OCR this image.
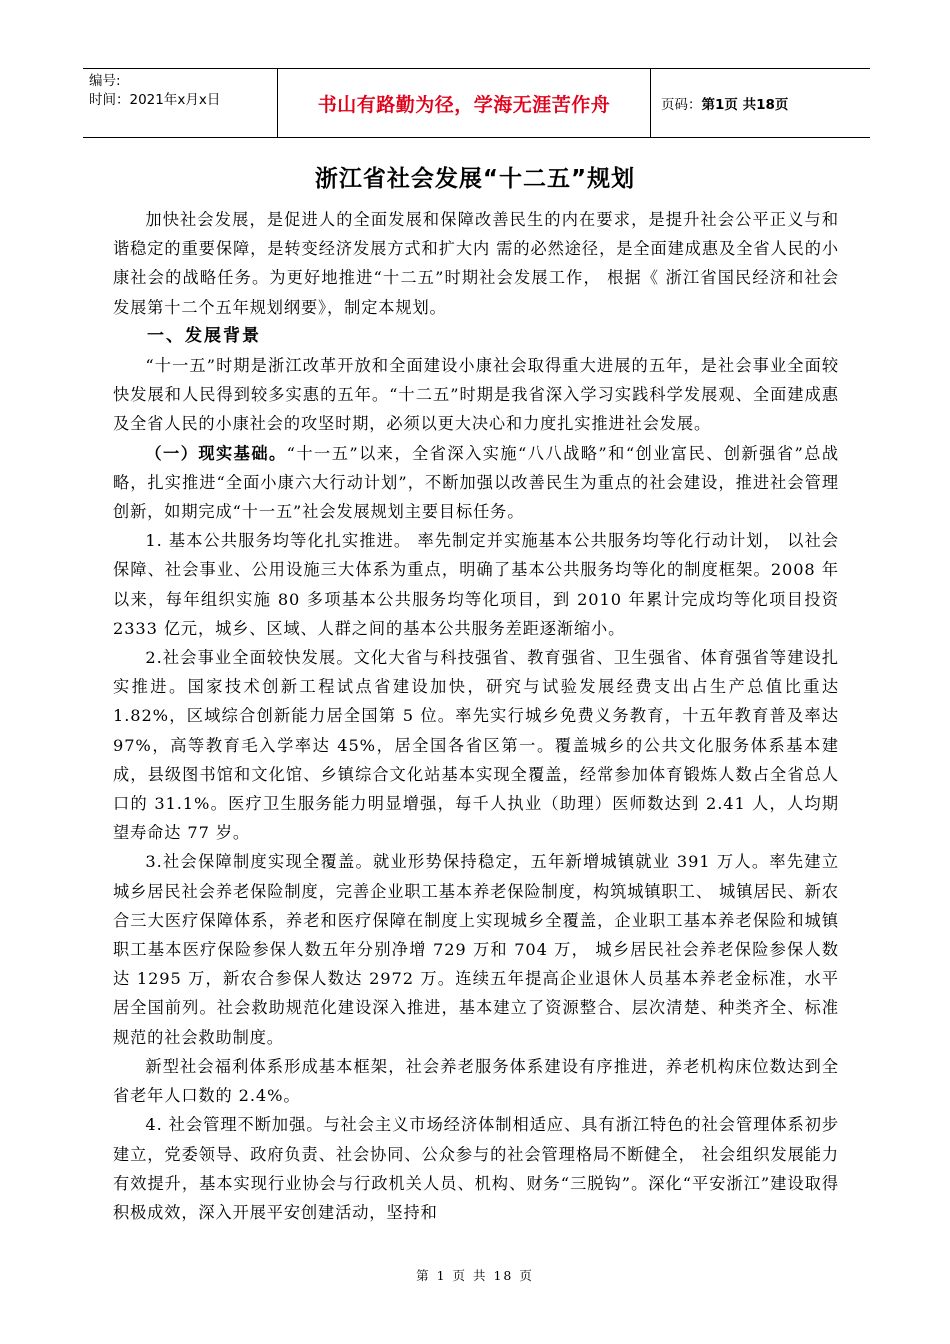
编号:
时间：2021年x月x日	书山有路勤为径，学海无涯苦作舟	页码： 第1页 共18页
浙江省社会发展“十二五”规划

加快社会发展，是促进人的全面发展和保障改善民生的内在要求，是提升社会公平正义与和谐稳定的重要保障，是转变经济发展方式和扩大内 需的必然途径，是全面建成惠及全省人民的小康社会的战略任务。为更好地推进“十二五”时期社会发展工作， 根据《 浙江省国民经济和社会发展第十二个五年规划纲要》，制定本规划。

一、发展背景

“十一五”时期是浙江改革开放和全面建设小康社会取得重大进展的五年，是社会事业全面较快发展和人民得到较多实惠的五年。“十二五”时期是我省深入学习实践科学发展观、全面建成惠及全省人民的小康社会的攻坚时期，必须以更大决心和力度扎实推进社会发展。

（一）现实基础。“十一五”以来，全省深入实施“八八战略”和“创业富民、创新强省”总战略，扎实推进“全面小康六大行动计划”，不断加强以改善民生为重点的社会建设，推进社会管理创新，如期完成“十一五”社会发展规划主要目标任务。

1. 基本公共服务均等化扎实推进。 率先制定并实施基本公共服务均等化行动计划， 以社会保障、社会事业、公用设施三大体系为重点，明确了基本公共服务均等化的制度框架。2008 年以来，每年组织实施 80 多项基本公共服务均等化项目，到 2010 年累计完成均等化项目投资 2333 亿元，城乡、区域、人群之间的基本公共服务差距逐渐缩小。

2.社会事业全面较快发展。文化大省与科技强省、教育强省、卫生强省、体育强省等建设扎实推进。国家技术创新工程试点省建设加快，研究与试验发展经费支出占生产总值比重达 1.82%，区域综合创新能力居全国第 5 位。率先实行城乡免费义务教育，十五年教育普及率达 97%，高等教育毛入学率达 45%，居全国各省区第一。覆盖城乡的公共文化服务体系基本建成，县级图书馆和文化馆、乡镇综合文化站基本实现全覆盖，经常参加体育锻炼人数占全省总人口的 31.1%。医疗卫生服务能力明显增强，每千人执业（助理）医师数达到 2.41 人，人均期望寿命达 77 岁。

3.社会保障制度实现全覆盖。就业形势保持稳定，五年新增城镇就业 391 万人。率先建立城乡居民社会养老保险制度，完善企业职工基本养老保险制度，构筑城镇职工、 城镇居民、新农合三大医疗保障体系，养老和医疗保障在制度上实现城乡全覆盖，企业职工基本养老保险和城镇职工基本医疗保险参保人数五年分别净增 729 万和 704 万， 城乡居民社会养老保险参保人数达 1295 万，新农合参保人数达 2972 万。连续五年提高企业退休人员基本养老金标准，水平居全国前列。社会救助规范化建设深入推进，基本建立了资源整合、层次清楚、种类齐全、标准规范的社会救助制度。

新型社会福利体系形成基本框架，社会养老服务体系建设有序推进，养老机构床位数达到全省老年人口数的 2.4%。

4. 社会管理不断加强。与社会主义市场经济体制相适应、具有浙江特色的社会管理体系初步建立，党委领导、政府负责、社会协同、公众参与的社会管理格局不断健全， 社会组织发展能力有效提升，基本实现行业协会与行政机关人员、机构、财务“三脱钩”。深化“平安浙江”建设取得积极成效，深入开展平安创建活动，坚持和

第 1 页 共 18 页
